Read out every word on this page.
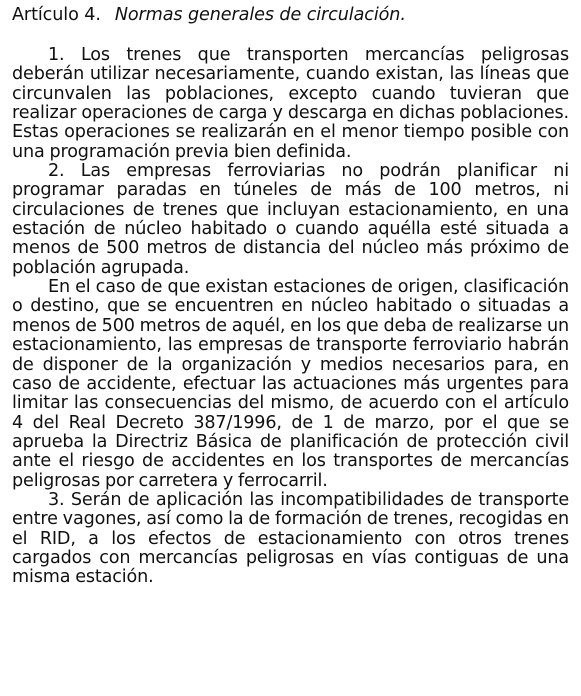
Artículo 4. Normas generales de circulación.

1. Los trenes que transporten mercancías peligrosas deberán utilizar necesariamente, cuando existan, las líneas que circunvalen las poblaciones, excepto cuando tuvieran que realizar operaciones de carga y descarga en dichas poblaciones. Estas operaciones se realizarán en el menor tiempo posible con una programación previa bien definida.

2. Las empresas ferroviarias no podrán planificar ni programar paradas en túneles de más de 100 metros, ni circulaciones de trenes que incluyan estacionamiento, en una estación de núcleo habitado o cuando aquélla esté situada a menos de 500 metros de distancia del núcleo más próximo de población agrupada.

En el caso de que existan estaciones de origen, clasificación o destino, que se encuentren en núcleo habitado o situadas a menos de 500 metros de aquél, en los que deba de realizarse un estacionamiento, las empresas de transporte ferroviario habrán de disponer de la organización y medios necesarios para, en caso de accidente, efectuar las actuaciones más urgentes para limitar las consecuencias del mismo, de acuerdo con el artículo 4 del Real Decreto 387/1996, de 1 de marzo, por el que se aprueba la Directriz Básica de planificación de protección civil ante el riesgo de accidentes en los transportes de mercancías peligrosas por carretera y ferrocarril.

3. Serán de aplicación las incompatibilidades de transporte entre vagones, así como la de formación de trenes, recogidas en el RID, a los efectos de estacionamiento con otros trenes cargados con mercancías peligrosas en vías contiguas de una misma estación.
